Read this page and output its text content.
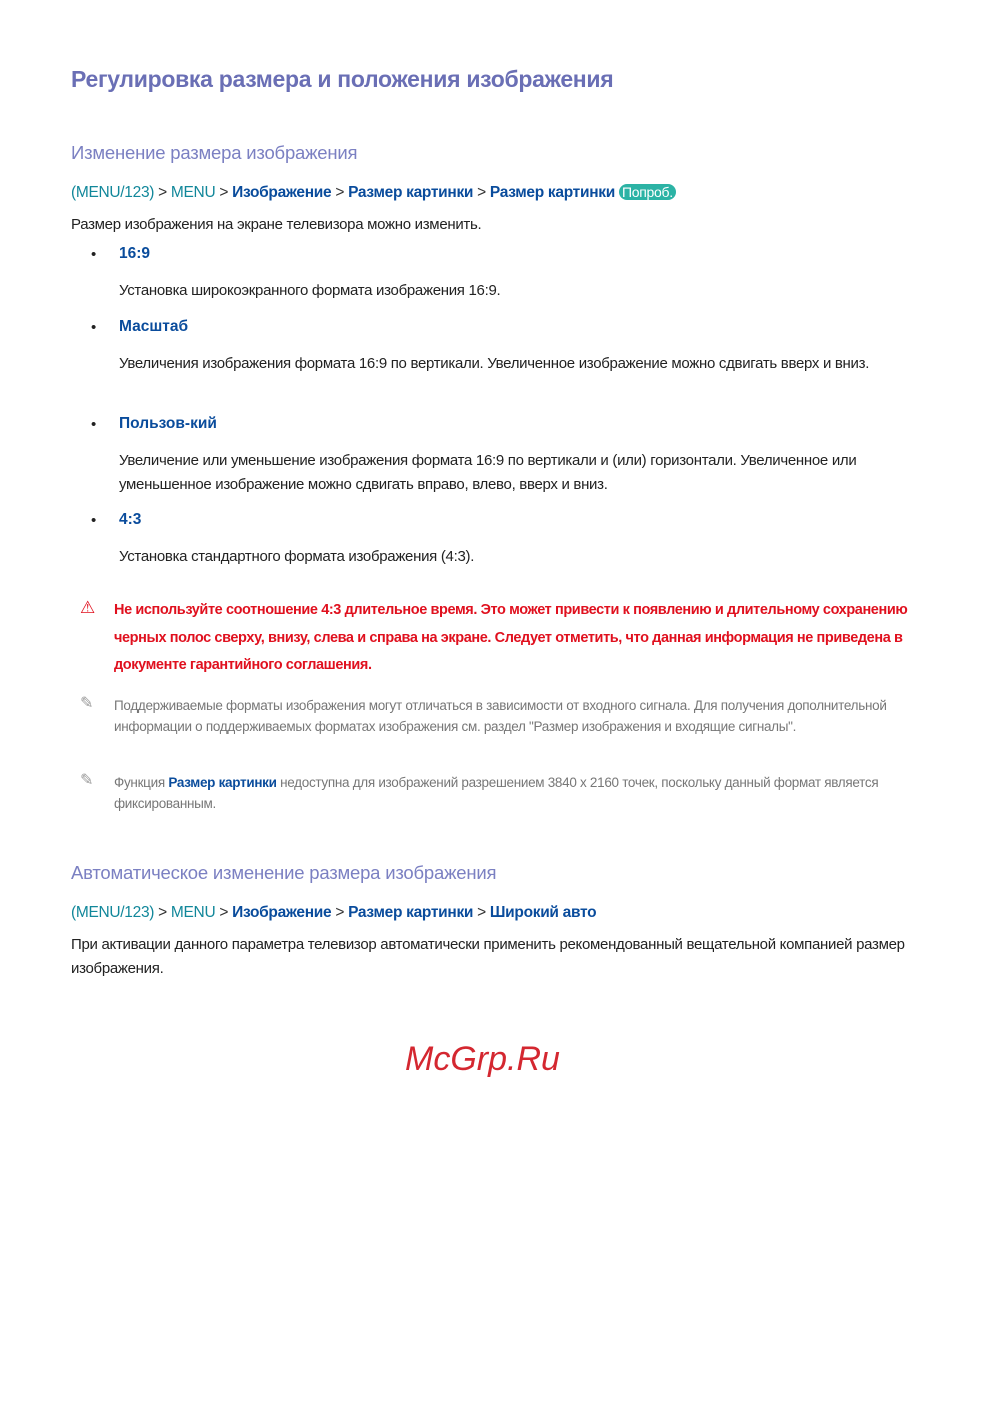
Регулировка размера и положения изображения
Изменение размера изображения
(MENU/123) > MENU > Изображение > Размер картинки > Размер картинки Попроб.
Размер изображения на экране телевизора можно изменить.
• 16:9
Установка широкоэкранного формата изображения 16:9.
• Масштаб
Увеличения изображения формата 16:9 по вертикали. Увеличенное изображение можно сдвигать вверх и вниз.
• Пользов-кий
Увеличение или уменьшение изображения формата 16:9 по вертикали и (или) горизонтали. Увеличенное или уменьшенное изображение можно сдвигать вправо, влево, вверх и вниз.
• 4:3
Установка стандартного формата изображения (4:3).
⚠ Не используйте соотношение 4:3 длительное время. Это может привести к появлению и длительному сохранению черных полос сверху, внизу, слева и справа на экране. Следует отметить, что данная информация не приведена в документе гарантийного соглашения.
✎ Поддерживаемые форматы изображения могут отличаться в зависимости от входного сигнала. Для получения дополнительной информации о поддерживаемых форматах изображения см. раздел "Размер изображения и входящие сигналы".
✎ Функция Размер картинки недоступна для изображений разрешением 3840 x 2160 точек, поскольку данный формат является фиксированным.
Автоматическое изменение размера изображения
(MENU/123) > MENU > Изображение > Размер картинки > Широкий авто
При активации данного параметра телевизор автоматически применить рекомендованный вещательной компанией размер изображения.
McGrp.Ru
